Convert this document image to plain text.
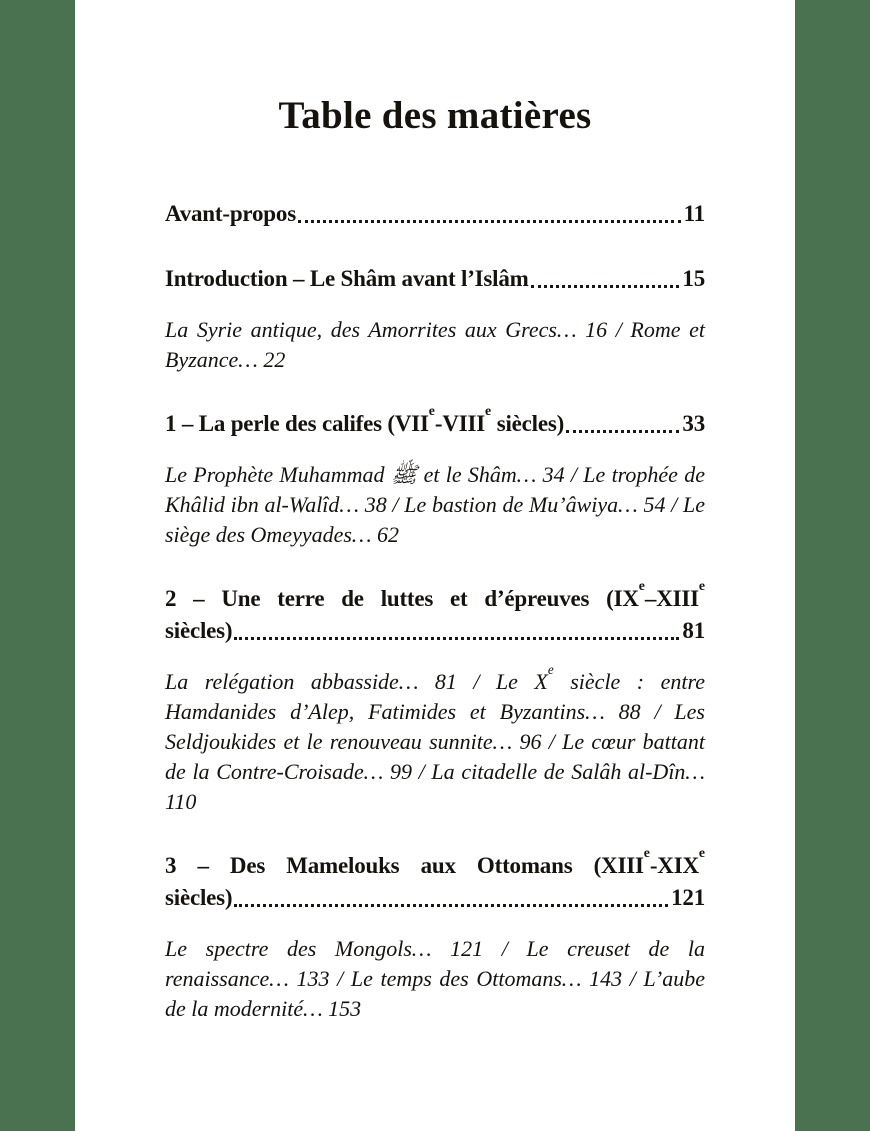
Table des matières
Avant-propos	11
Introduction – Le Shâm avant l’Islâm	15

La Syrie antique, des Amorrites aux Grecs… 16 / Rome et Byzance… 22

1 – La perle des califes (VIIe-VIIIe siècles)	33

Le Prophète Muhammad ﷺ et le Shâm… 34 / Le trophée de Khâlid ibn al-Walîd… 38 / Le bastion de Mu’âwiya… 54 / Le siège des Omeyyades… 62

2 – Une terre de luttes et d’épreuves (IXe–XIIIe
siècles)	81

La relégation abbasside… 81 / Le Xe siècle : entre Hamdanides d’Alep, Fatimides et Byzantins… 88 / Les Seldjoukides et le renouveau sunnite… 96 / Le cœur battant de la Contre-Croisade… 99 / La citadelle de Salâh al-Dîn… 110

3 – Des Mamelouks aux Ottomans (XIIIe-XIXe
siècles)	121

Le spectre des Mongols… 121 / Le creuset de la renaissance… 133 / Le temps des Ottomans… 143 / L’aube de la modernité… 153
